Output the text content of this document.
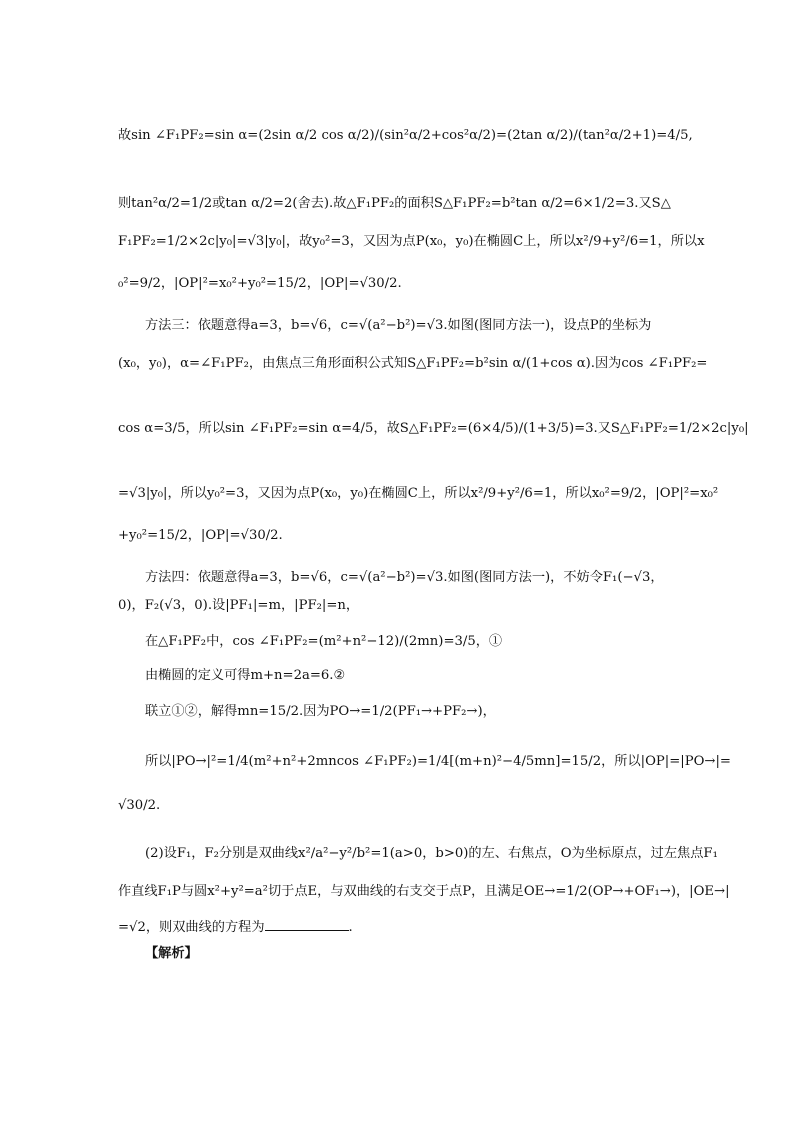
故sin ∠F₁PF₂=sin α=(2sin α/2 cos α/2)/(sin²α/2+cos²α/2)=(2tan α/2)/(tan²α/2+1)=4/5,
则tan²α/2=1/2或tan α/2=2(舍去).故△F₁PF₂的面积S△F₁PF₂=b²tan α/2=6×1/2=3.又S△
F₁PF₂=1/2×2c|y₀|=√3|y₀|，故y₀²=3，又因为点P(x₀，y₀)在椭圆C上，所以x²/9+y²/6=1，所以x
₀²=9/2，|OP|²=x₀²+y₀²=15/2，|OP|=√30/2.
方法三：依题意得a=3，b=√6，c=√(a²−b²)=√3.如图(图同方法一)，设点P的坐标为
(x₀，y₀)，α=∠F₁PF₂，由焦点三角形面积公式知S△F₁PF₂=b²sin α/(1+cos α).因为cos ∠F₁PF₂=
cos α=3/5，所以sin ∠F₁PF₂=sin α=4/5，故S△F₁PF₂=(6×4/5)/(1+3/5)=3.又S△F₁PF₂=1/2×2c|y₀|
=√3|y₀|，所以y₀²=3，又因为点P(x₀，y₀)在椭圆C上，所以x²/9+y²/6=1，所以x₀²=9/2，|OP|²=x₀²
+y₀²=15/2，|OP|=√30/2.
方法四：依题意得a=3，b=√6，c=√(a²−b²)=√3.如图(图同方法一)，不妨令F₁(−√3，
0)，F₂(√3，0).设|PF₁|=m，|PF₂|=n，
在△F₁PF₂中，cos ∠F₁PF₂=(m²+n²−12)/(2mn)=3/5，①
由椭圆的定义可得m+n=2a=6.②
联立①②，解得mn=15/2.因为PO→=1/2(PF₁→+PF₂→)，
所以|PO→|²=1/4(m²+n²+2mncos ∠F₁PF₂)=1/4[(m+n)²−4/5mn]=15/2，所以|OP|=|PO→|=
√30/2.
(2)设F₁，F₂分别是双曲线x²/a²−y²/b²=1(a>0，b>0)的左、右焦点，O为坐标原点，过左焦点F₁
作直线F₁P与圆x²+y²=a²切于点E，与双曲线的右支交于点P，且满足OE→=1/2(OP→+OF₁→)，|OE→|
=√2，则双曲线的方程为	.
【解析】
